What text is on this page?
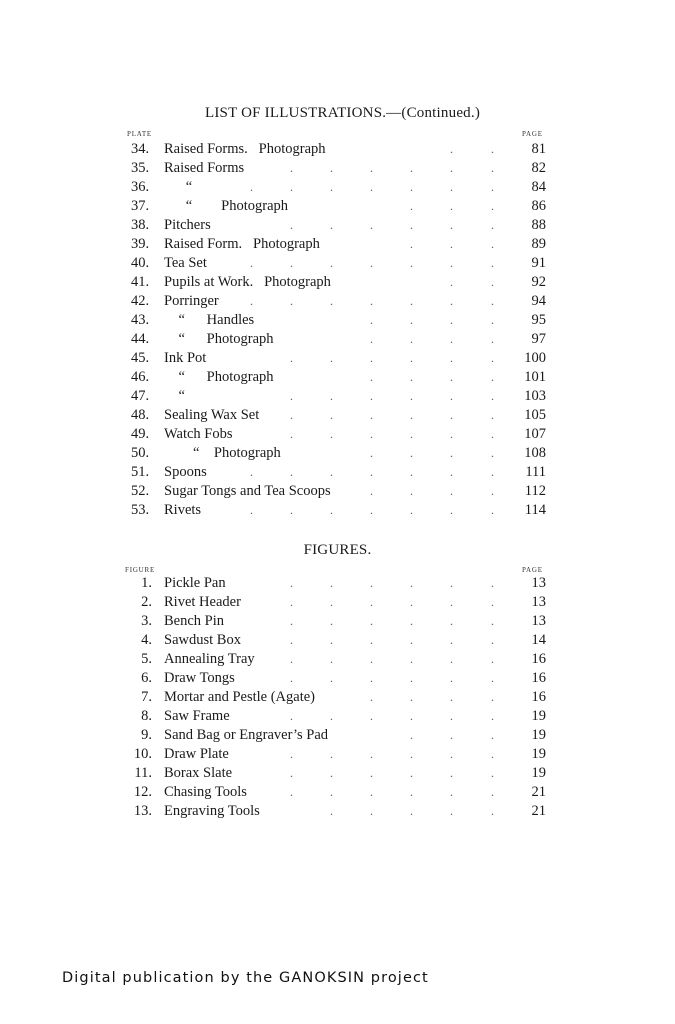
LIST OF ILLUSTRATIONS.—(Continued.)
PLATE	PAGE
34.	Raised Forms.   Photograph	.	.	81
35.	Raised Forms	.	.	.	.	.	.	82
36.	“	.	.	.	.	.	.	.	84
37.	“        Photograph	.	.	.	86
38.	Pitchers	.	.	.	.	.	.	88
39.	Raised Form.   Photograph	.	.	.	89
40.	Tea Set	.	.	.	.	.	.	.	91
41.	Pupils at Work.   Photograph	.	.	92
42.	Porringer	.	.	.	.	.	.	.	94
43.	“      Handles	.	.	.	.	95
44.	“      Photograph	.	.	.	.	97
45.	Ink Pot	.	.	.	.	.	.	100
46.	“      Photograph	.	.	.	.	101
47.	“	.	.	.	.	.	.	103
48.	Sealing Wax Set	.	.	.	.	.	.	105
49.	Watch Fobs	.	.	.	.	.	.	107
50.	“    Photograph	.	.	.	.	108
51.	Spoons	.	.	.	.	.	.	.	111
52.	Sugar Tongs and Tea Scoops	.	.	.	.	112
53.	Rivets	.	.	.	.	.	.	.	114
FIGURES.
FIGURE	PAGE
1. Pickle Pan	.	.	.	.	.	.	13
2. Rivet Header	.	.	.	.	.	.	13
3. Bench Pin	.	.	.	.	.	.	13
4. Sawdust Box	.	.	.	.	.	.	14
5. Annealing Tray	.	.	.	.	.	.	16
6. Draw Tongs	.	.	.	.	.	.	16
7. Mortar and Pestle (Agate)	.	.	.	.	16
8. Saw Frame	.	.	.	.	.	.	19
9. Sand Bag or Engraver’s Pad	.	.	.	19
10. Draw Plate	.	.	.	.	.	.	19
11. Borax Slate	.	.	.	.	.	.	19
12. Chasing Tools	.	.	.	.	.	.	21
13. Engraving Tools	.	.	.	.	.	21
Digital publication by the GANOKSIN project
